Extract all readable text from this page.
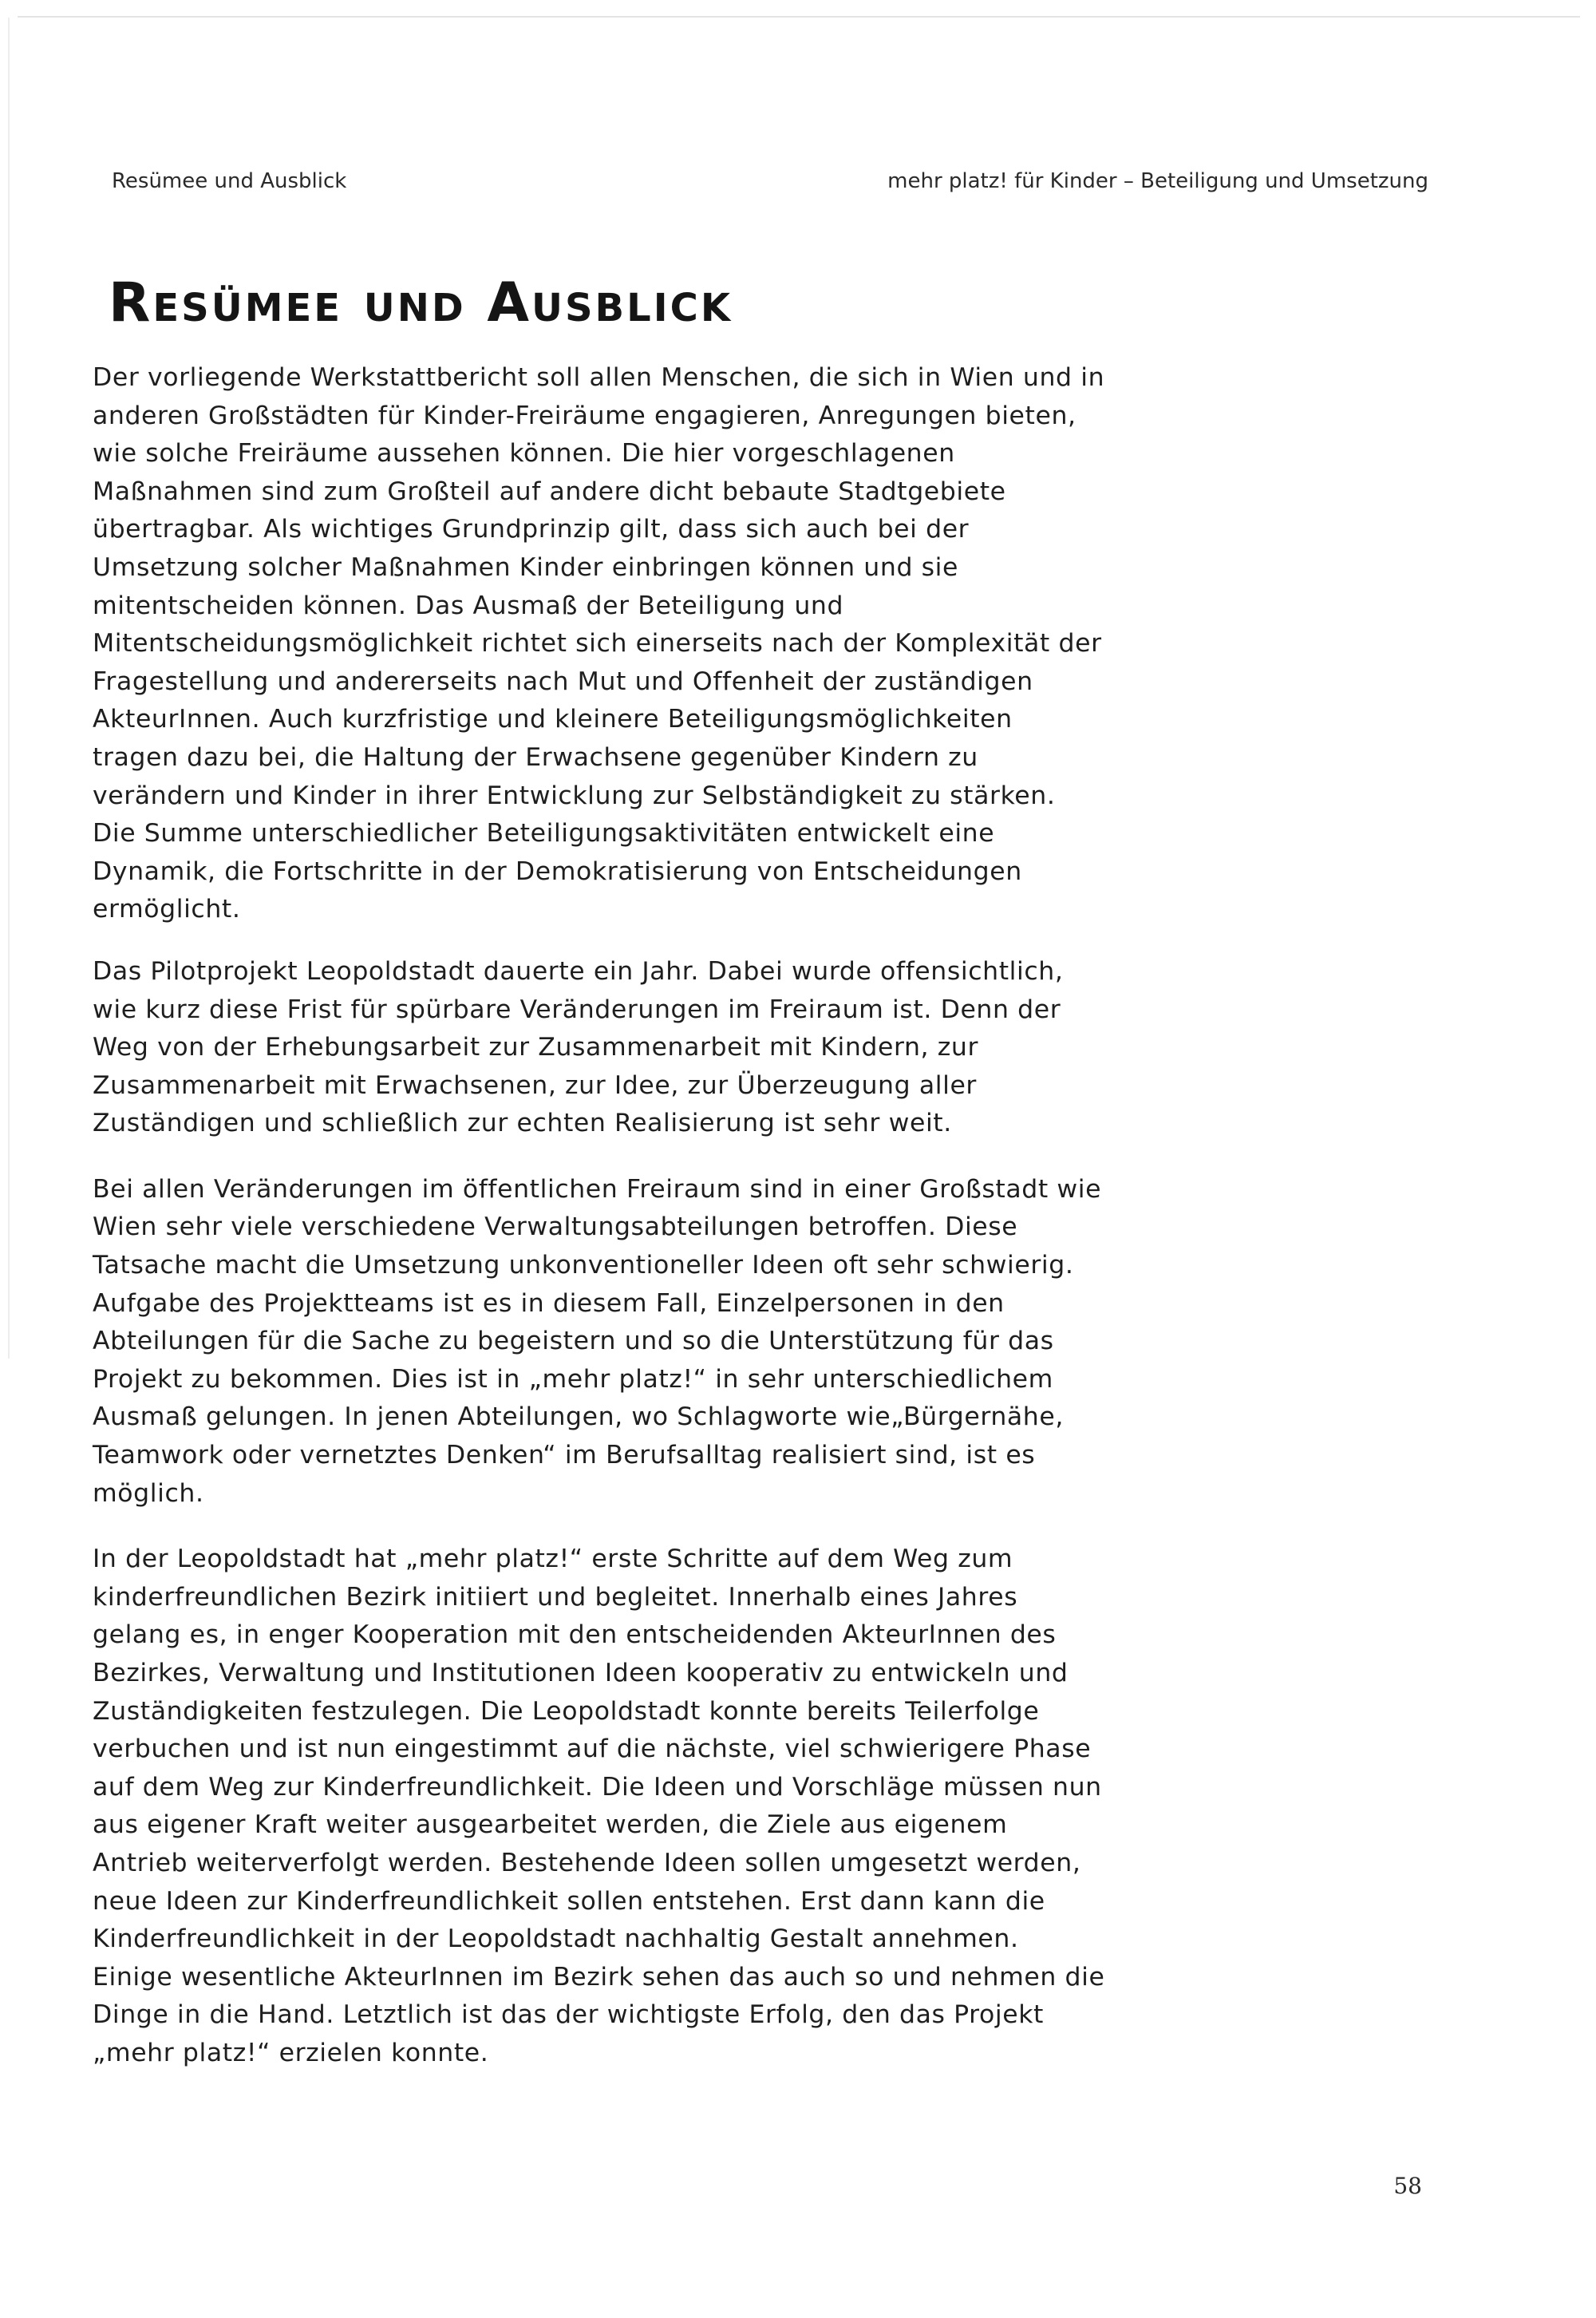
Resümee und Ausblick	mehr platz! für Kinder – Beteiligung und Umsetzung
Resümee und Ausblick

Der vorliegende Werkstattbericht soll allen Menschen, die sich in Wien und in anderen Großstädten für Kinder-Freiräume engagieren, Anregungen bieten, wie solche Freiräume aussehen können. Die hier vorgeschlagenen Maßnahmen sind zum Großteil auf andere dicht bebaute Stadtgebiete übertragbar. Als wichtiges Grundprinzip gilt, dass sich auch bei der Umsetzung solcher Maßnahmen Kinder einbringen können und sie mitentscheiden können. Das Ausmaß der Beteiligung und Mitentscheidungsmöglichkeit richtet sich einerseits nach der Komplexität der Fragestellung und andererseits nach Mut und Offenheit der zuständigen AkteurInnen. Auch kurzfristige und kleinere Beteiligungsmöglichkeiten tragen dazu bei, die Haltung der Erwachsene gegenüber Kindern zu verändern und Kinder in ihrer Entwicklung zur Selbständigkeit zu stärken. Die Summe unterschiedlicher Beteiligungsaktivitäten entwickelt eine Dynamik, die Fortschritte in der Demokratisierung von Entscheidungen ermöglicht.

Das Pilotprojekt Leopoldstadt dauerte ein Jahr. Dabei wurde offensichtlich, wie kurz diese Frist für spürbare Veränderungen im Freiraum ist. Denn der Weg von der Erhebungsarbeit zur Zusammenarbeit mit Kindern, zur Zusammenarbeit mit Erwachsenen, zur Idee, zur Überzeugung aller Zuständigen und schließlich zur echten Realisierung ist sehr weit.

Bei allen Veränderungen im öffentlichen Freiraum sind in einer Großstadt wie Wien sehr viele verschiedene Verwaltungsabteilungen betroffen. Diese Tatsache macht die Umsetzung unkonventioneller Ideen oft sehr schwierig. Aufgabe des Projektteams ist es in diesem Fall, Einzelpersonen in den Abteilungen für die Sache zu begeistern und so die Unterstützung für das Projekt zu bekommen. Dies ist in „mehr platz!“ in sehr unterschiedlichem Ausmaß gelungen. In jenen Abteilungen, wo Schlagworte wie„Bürgernähe, Teamwork oder vernetztes Denken“ im Berufsalltag realisiert sind, ist es möglich.

In der Leopoldstadt hat „mehr platz!“ erste Schritte auf dem Weg zum kinderfreundlichen Bezirk initiiert und begleitet. Innerhalb eines Jahres gelang es, in enger Kooperation mit den entscheidenden AkteurInnen des Bezirkes, Verwaltung und Institutionen Ideen kooperativ zu entwickeln und Zuständigkeiten festzulegen. Die Leopoldstadt konnte bereits Teilerfolge verbuchen und ist nun eingestimmt auf die nächste, viel schwierigere Phase auf dem Weg zur Kinderfreundlichkeit. Die Ideen und Vorschläge müssen nun aus eigener Kraft weiter ausgearbeitet werden, die Ziele aus eigenem Antrieb weiterverfolgt werden. Bestehende Ideen sollen umgesetzt werden, neue Ideen zur Kinderfreundlichkeit sollen entstehen. Erst dann kann die Kinderfreundlichkeit in der Leopoldstadt nachhaltig Gestalt annehmen. Einige wesentliche AkteurInnen im Bezirk sehen das auch so und nehmen die Dinge in die Hand. Letztlich ist das der wichtigste Erfolg, den das Projekt „mehr platz!“ erzielen konnte.

58
